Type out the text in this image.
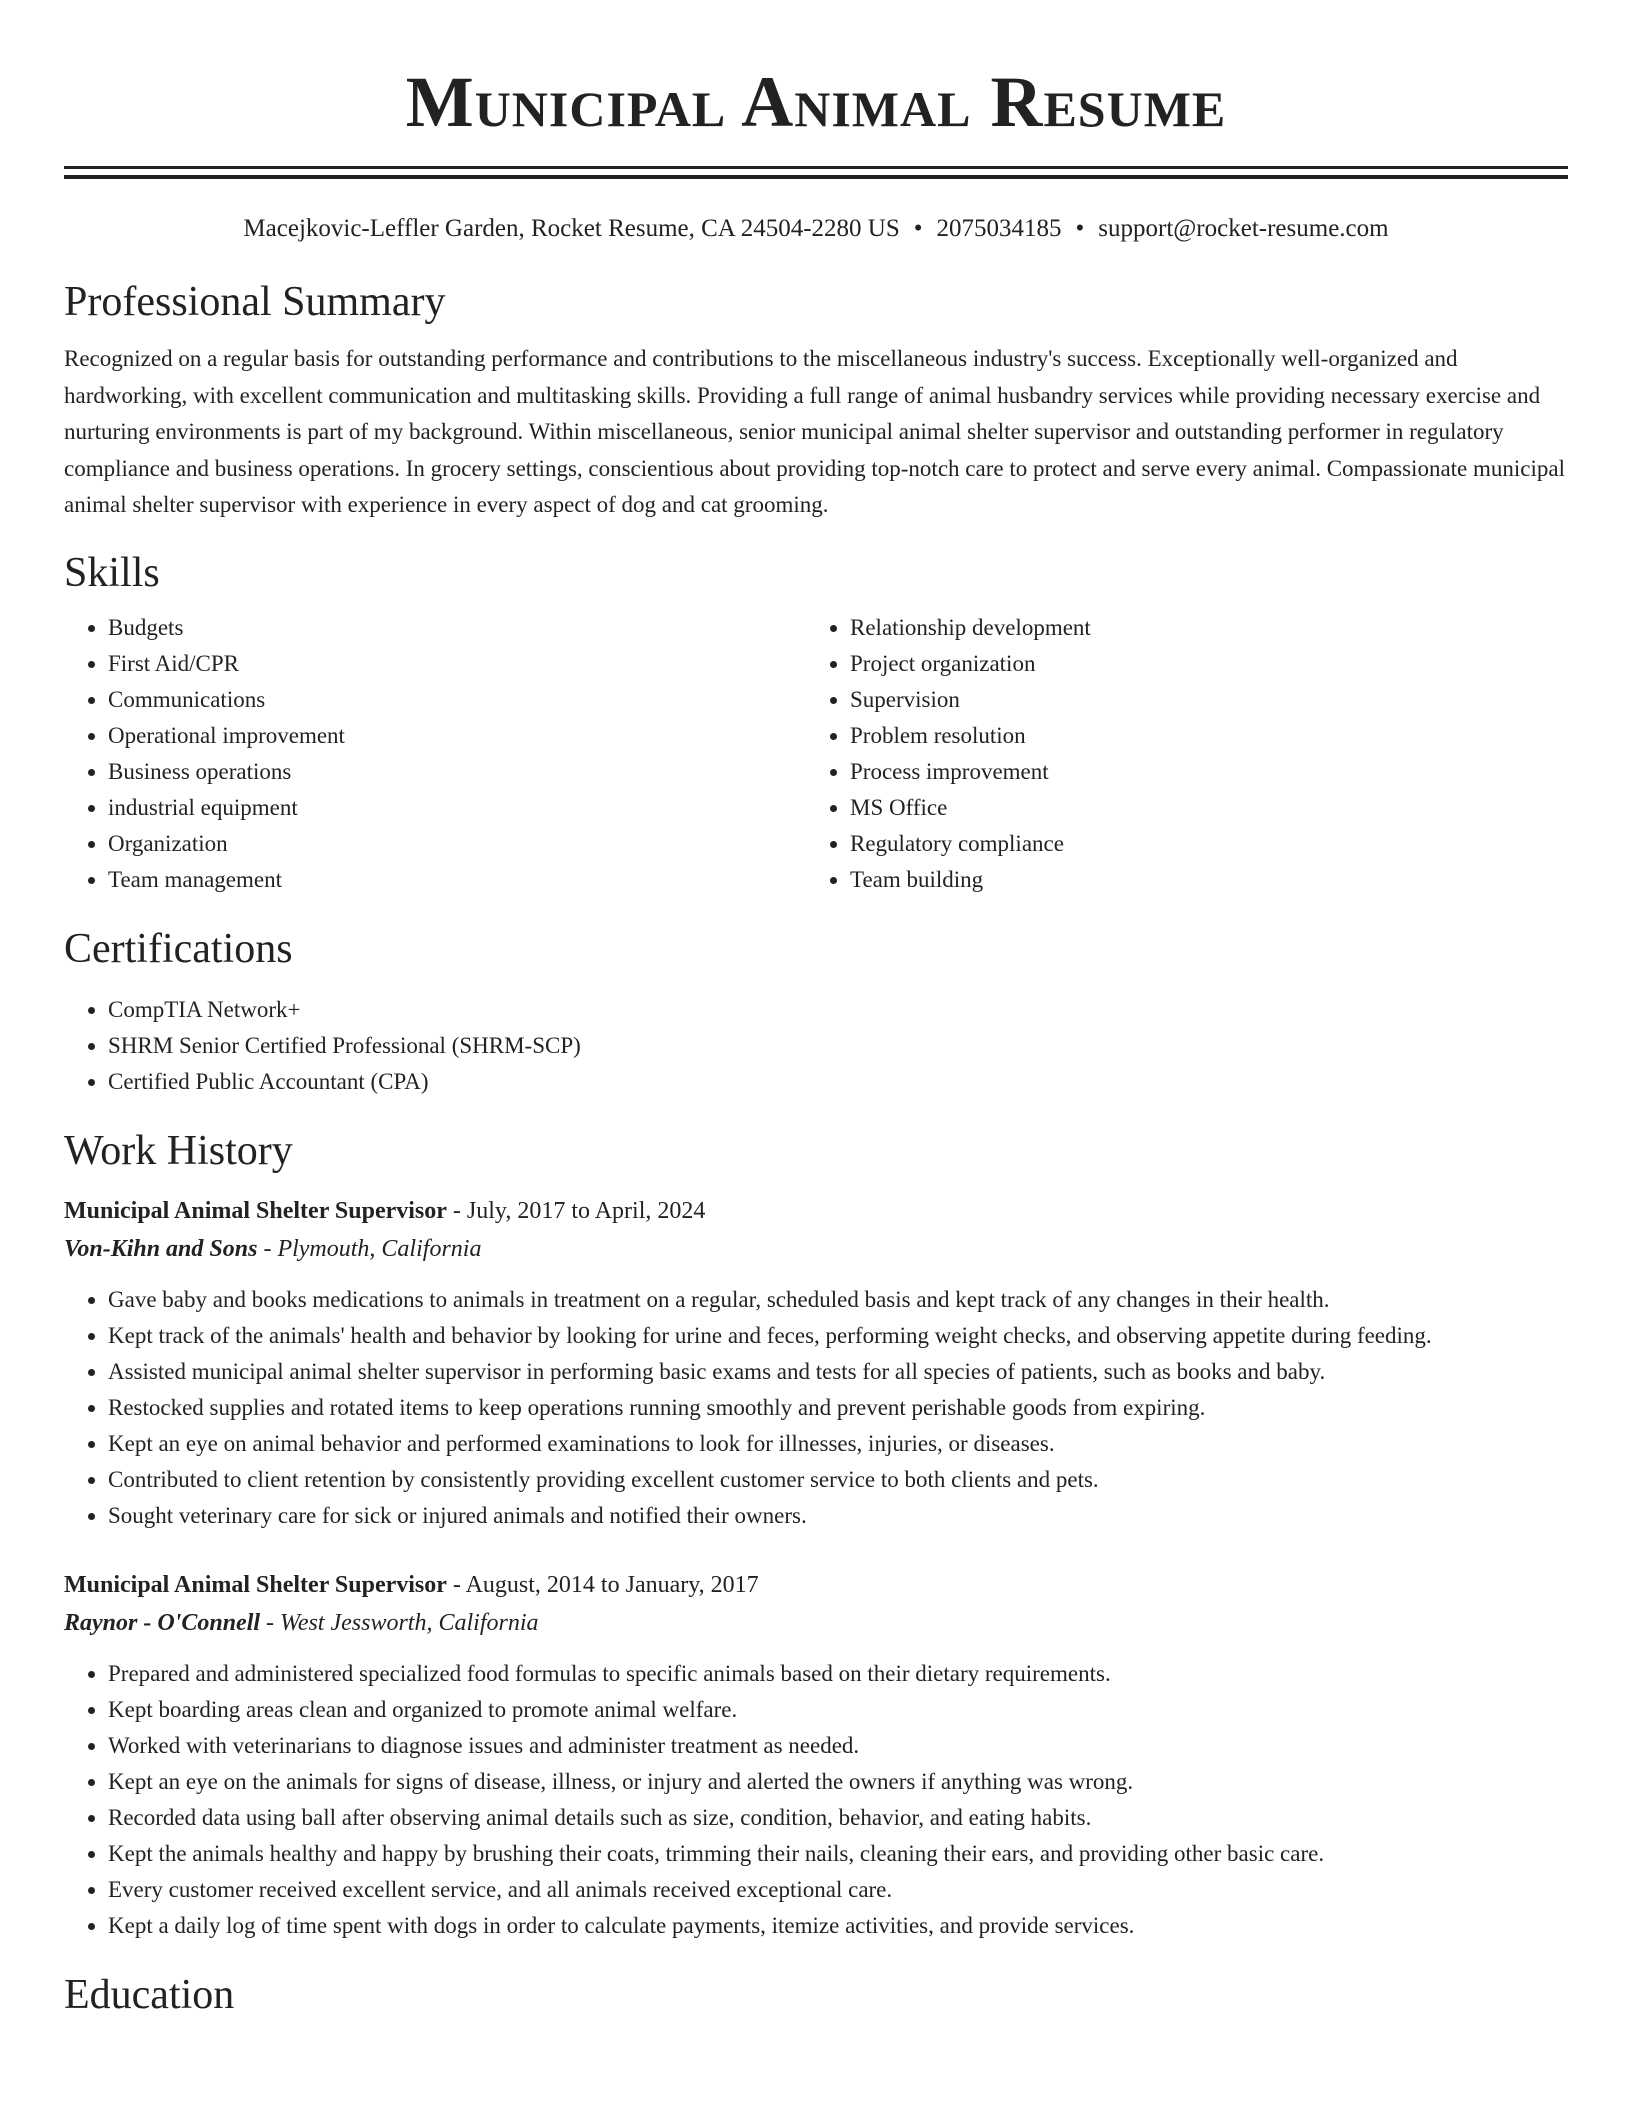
Municipal Animal Resume
Macejkovic-Leffler Garden, Rocket Resume, CA 24504-2280 US • 2075034185 • support@rocket-resume.com
Professional Summary

Recognized on a regular basis for outstanding performance and contributions to the miscellaneous industry's success. Exceptionally well-organized and hardworking, with excellent communication and multitasking skills. Providing a full range of animal husbandry services while providing necessary exercise and nurturing environments is part of my background. Within miscellaneous, senior municipal animal shelter supervisor and outstanding performer in regulatory compliance and business operations. In grocery settings, conscientious about providing top-notch care to protect and serve every animal. Compassionate municipal animal shelter supervisor with experience in every aspect of dog and cat grooming.

Skills
• Budgets
• First Aid/CPR
• Communications
• Operational improvement
• Business operations
• industrial equipment
• Organization
• Team management
• Relationship development
• Project organization
• Supervision
• Problem resolution
• Process improvement
• MS Office
• Regulatory compliance
• Team building
Certifications
• CompTIA Network+
• SHRM Senior Certified Professional (SHRM-SCP)
• Certified Public Accountant (CPA)
Work History
Municipal Animal Shelter Supervisor - July, 2017 to April, 2024
Von-Kihn and Sons - Plymouth, California
• Gave baby and books medications to animals in treatment on a regular, scheduled basis and kept track of any changes in their health.
• Kept track of the animals' health and behavior by looking for urine and feces, performing weight checks, and observing appetite during feeding.
• Assisted municipal animal shelter supervisor in performing basic exams and tests for all species of patients, such as books and baby.
• Restocked supplies and rotated items to keep operations running smoothly and prevent perishable goods from expiring.
• Kept an eye on animal behavior and performed examinations to look for illnesses, injuries, or diseases.
• Contributed to client retention by consistently providing excellent customer service to both clients and pets.
• Sought veterinary care for sick or injured animals and notified their owners.
Municipal Animal Shelter Supervisor - August, 2014 to January, 2017
Raynor - O'Connell - West Jessworth, California
• Prepared and administered specialized food formulas to specific animals based on their dietary requirements.
• Kept boarding areas clean and organized to promote animal welfare.
• Worked with veterinarians to diagnose issues and administer treatment as needed.
• Kept an eye on the animals for signs of disease, illness, or injury and alerted the owners if anything was wrong.
• Recorded data using ball after observing animal details such as size, condition, behavior, and eating habits.
• Kept the animals healthy and happy by brushing their coats, trimming their nails, cleaning their ears, and providing other basic care.
• Every customer received excellent service, and all animals received exceptional care.
• Kept a daily log of time spent with dogs in order to calculate payments, itemize activities, and provide services.
Education
